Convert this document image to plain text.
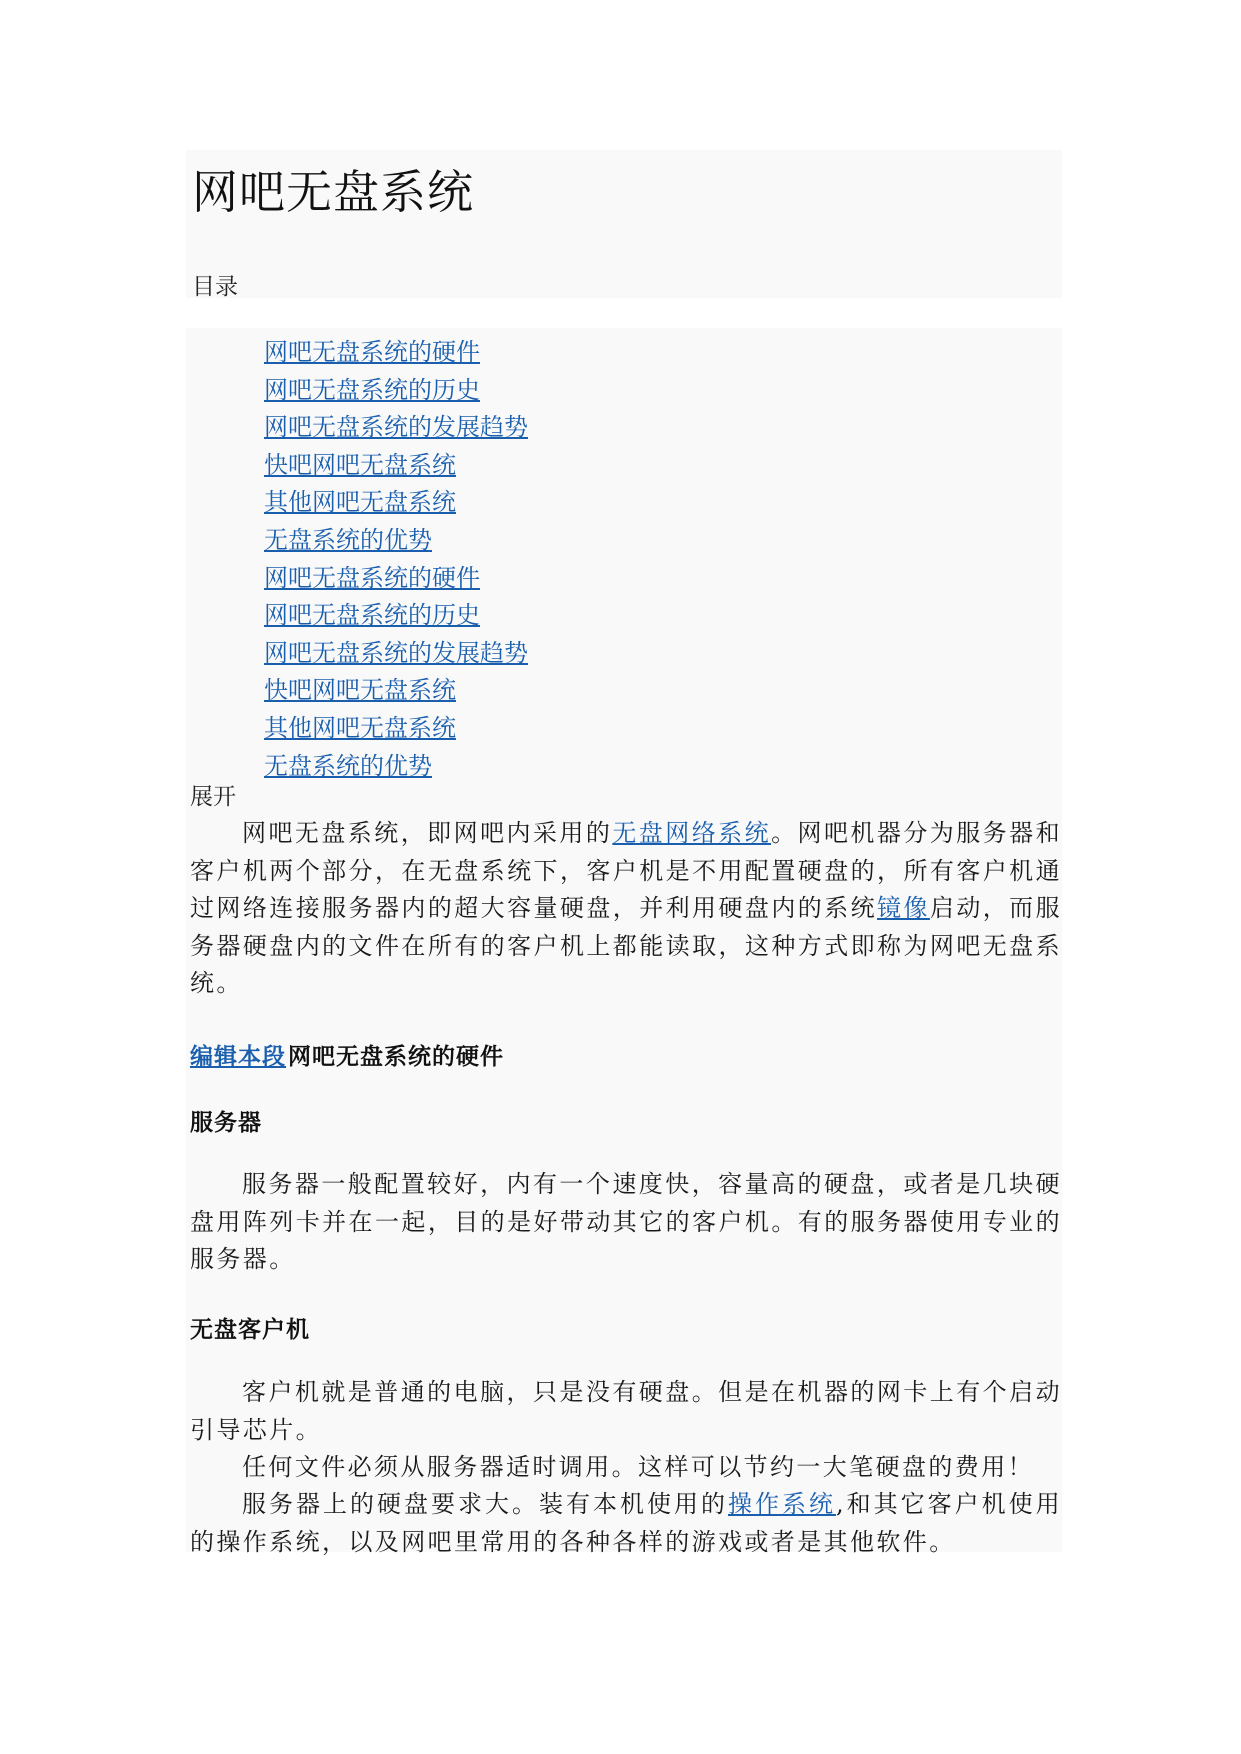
网吧无盘系统

目录

网吧无盘系统的硬件
网吧无盘系统的历史
网吧无盘系统的发展趋势
快吧网吧无盘系统
其他网吧无盘系统
无盘系统的优势
网吧无盘系统的硬件
网吧无盘系统的历史
网吧无盘系统的发展趋势
快吧网吧无盘系统
其他网吧无盘系统
无盘系统的优势

展开

网吧无盘系统，即网吧内采用的无盘网络系统。网吧机器分为服务器和客户机两个部分，在无盘系统下，客户机是不用配置硬盘的，所有客户机通过网络连接服务器内的超大容量硬盘，并利用硬盘内的系统镜像启动，而服务器硬盘内的文件在所有的客户机上都能读取，这种方式即称为网吧无盘系统。

编辑本段网吧无盘系统的硬件

服务器

服务器一般配置较好，内有一个速度快，容量高的硬盘，或者是几块硬盘用阵列卡并在一起，目的是好带动其它的客户机。有的服务器使用专业的服务器。

无盘客户机

客户机就是普通的电脑，只是没有硬盘。但是在机器的网卡上有个启动引导芯片。

任何文件必须从服务器适时调用。这样可以节约一大笔硬盘的费用！

服务器上的硬盘要求大。装有本机使用的操作系统,和其它客户机使用的操作系统，以及网吧里常用的各种各样的游戏或者是其他软件。
